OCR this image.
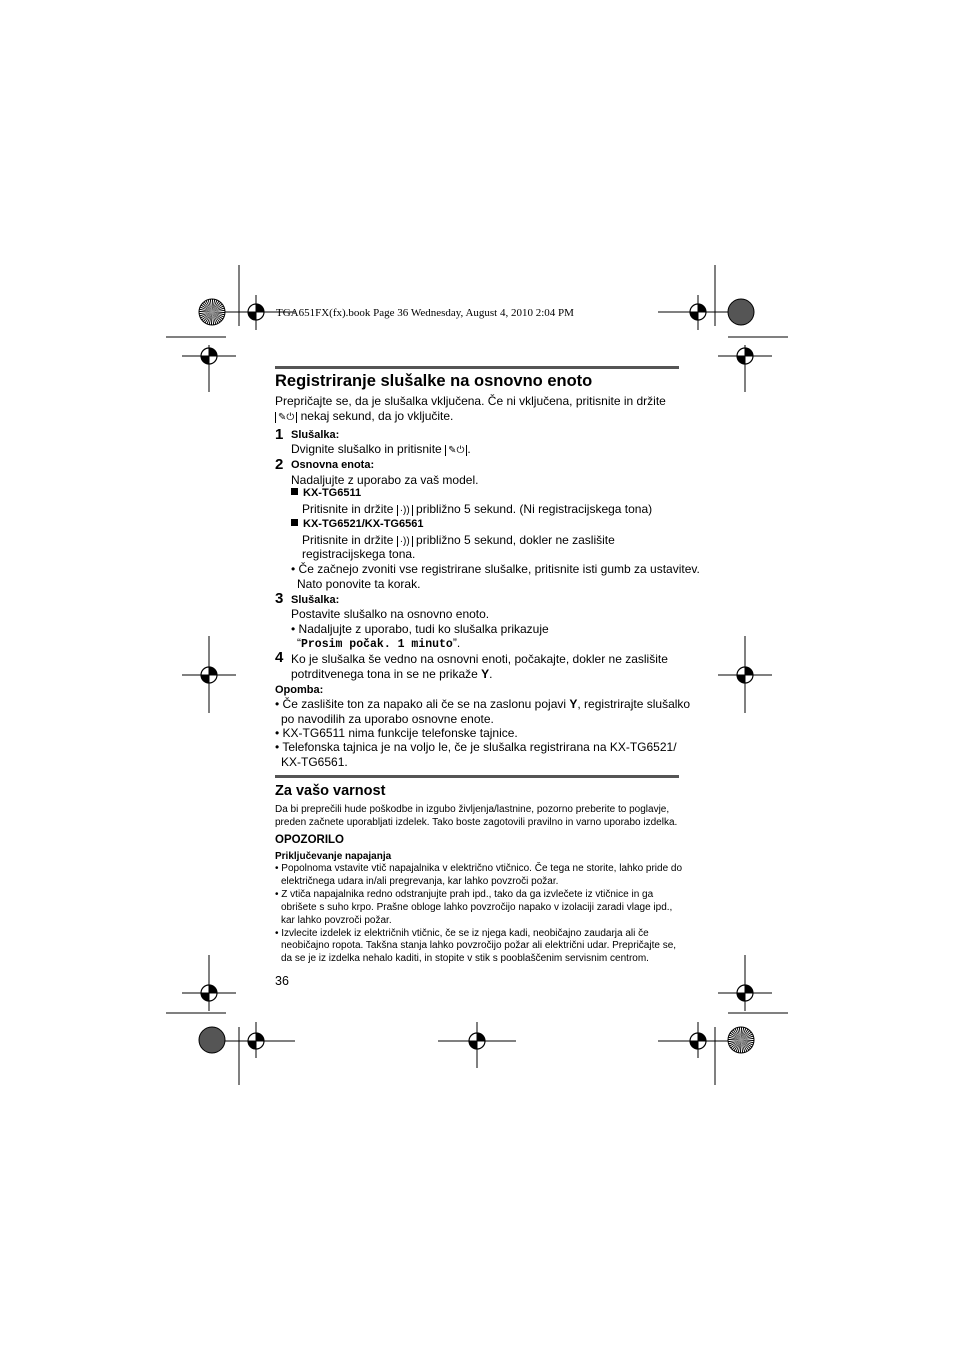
TGA651FX(fx).book Page 36 Wednesday, August 4, 2010 2:04 PM
Registriranje slušalke na osnovno enoto
Prepričajte se, da je slušalka vključena. Če ni vključena, pritisnite in držite
✎⏻ nekaj sekund, da jo vključite.
1 Slušalka:
Dvignite slušalko in pritisnite ✎⏻ .
2 Osnovna enota:
Nadaljujte z uporabo za vaš model.
KX-TG6511
Pritisnite in držite ·)) približno 5 sekund. (Ni registracijskega tona)
KX-TG6521/KX-TG6561
Pritisnite in držite ·)) približno 5 sekund, dokler ne zaslišite
registracijskega tona.
• Če začnejo zvoniti vse registrirane slušalke, pritisnite isti gumb za ustavitev.
Nato ponovite ta korak.
3 Slušalka:
Postavite slušalko na osnovno enoto.
• Nadaljujte z uporabo, tudi ko slušalka prikazuje
“Prosim počak. 1 minuto”.
4 Ko je slušalka še vedno na osnovni enoti, počakajte, dokler ne zaslišite
potrditvenega tona in se ne prikaže Y.
Opomba:
• Če zaslišite ton za napako ali če se na zaslonu pojavi Y, registrirajte slušalko
po navodilih za uporabo osnovne enote.
• KX-TG6511 nima funkcije telefonske tajnice.
• Telefonska tajnica je na voljo le, če je slušalka registrirana na KX-TG6521/
KX-TG6561.
Za vašo varnost
Da bi preprečili hude poškodbe in izgubo življenja/lastnine, pozorno preberite to poglavje,
preden začnete uporabljati izdelek. Tako boste zagotovili pravilno in varno uporabo izdelka.
OPOZORILO
Priključevanje napajanja
• Popolnoma vstavite vtič napajalnika v električno vtičnico. Če tega ne storite, lahko pride do
električnega udara in/ali pregrevanja, kar lahko povzroči požar.
• Z vtiča napajalnika redno odstranjujte prah ipd., tako da ga izvlečete iz vtičnice in ga
obrišete s suho krpo. Prašne obloge lahko povzročijo napako v izolaciji zaradi vlage ipd.,
kar lahko povzroči požar.
• Izvlecite izdelek iz električnih vtičnic, če se iz njega kadi, neobičajno zaudarja ali če
neobičajno ropota. Takšna stanja lahko povzročijo požar ali električni udar. Prepričajte se,
da se je iz izdelka nehalo kaditi, in stopite v stik s pooblaščenim servisnim centrom.
36
